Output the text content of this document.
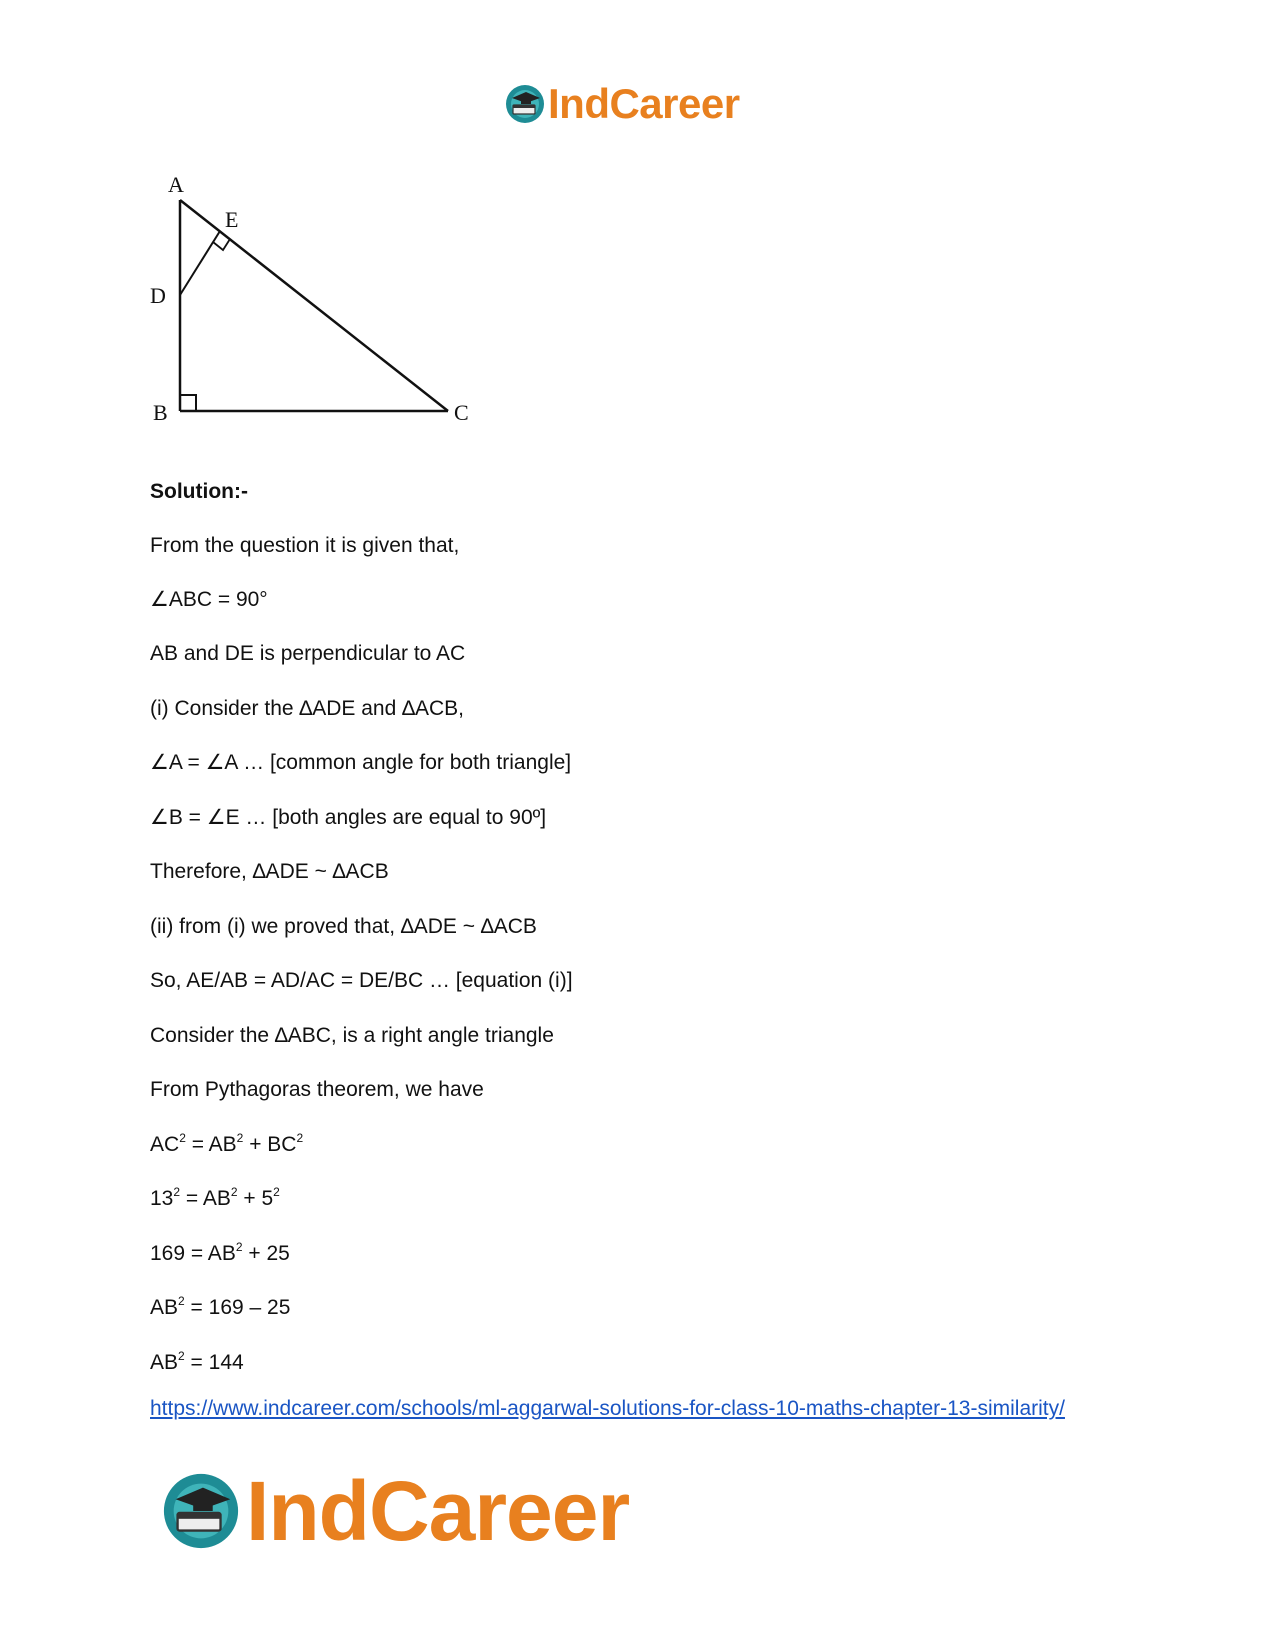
IndCareer
A
E
D
B	C
Solution:-
From the question it is given that,
∠ABC = 90°
AB and DE is perpendicular to AC
(i) Consider the ∆ADE and ∆ACB,
∠A = ∠A … [common angle for both triangle]
∠B = ∠E … [both angles are equal to 90º]
Therefore, ∆ADE ~ ∆ACB
(ii) from (i) we proved that, ∆ADE ~ ∆ACB
So, AE/AB = AD/AC = DE/BC … [equation (i)]
Consider the ∆ABC, is a right angle triangle
From Pythagoras theorem, we have
$AC^2 = AB^2 + BC^2$
$13^2 = AB^2 + 5^2$
$169 = AB^2 + 25$
$AB^2 = 169 - 25$
$AB^2 = 144$
https://www.indcareer.com/schools/ml-aggarwal-solutions-for-class-10-maths-chapter-13-similarity/
IndCareer
